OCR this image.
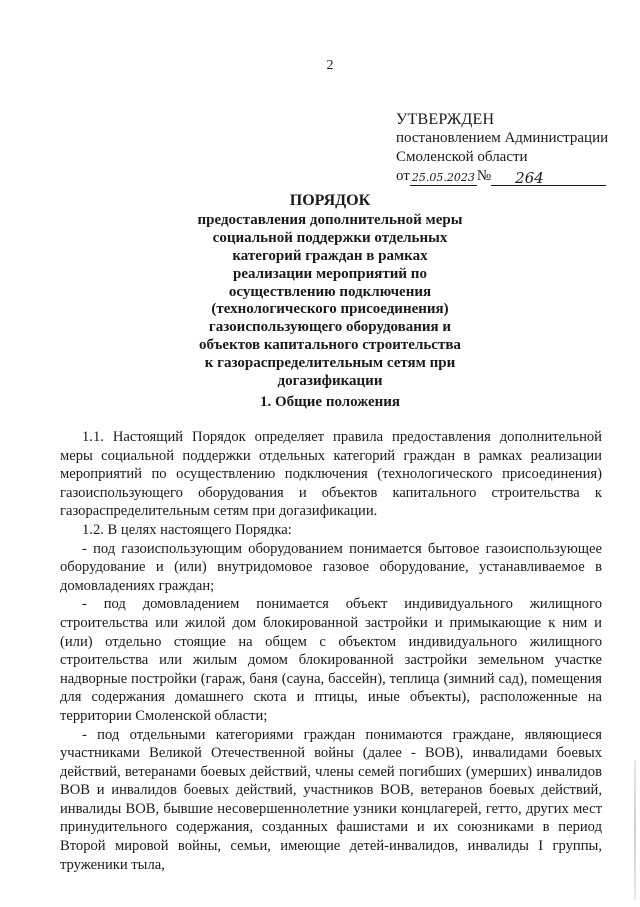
2
УТВЕРЖДЕН
постановлением Администрации
Смоленской области
от 25.05.2023 №	264
ПОРЯДОК
предоставления дополнительной меры социальной поддержки отдельных категорий граждан в рамках реализации мероприятий по осуществлению подключения (технологического присоединения) газоиспользующего оборудования и объектов капитального строительства к газораспределительным сетям при догазификации
1. Общие положения

1.1. Настоящий Порядок определяет правила предоставления дополнительной меры социальной поддержки отдельных категорий граждан в рамках реализации мероприятий по осуществлению подключения (технологического присоединения) газоиспользующего оборудования и объектов капитального строительства к газораспределительным сетям при догазификации.

1.2. В целях настоящего Порядка:

- под газоиспользующим оборудованием понимается бытовое газоиспользующее оборудование и (или) внутридомовое газовое оборудование, устанавливаемое в домовладениях граждан;

- под домовладением понимается объект индивидуального жилищного строительства или жилой дом блокированной застройки и примыкающие к ним и (или) отдельно стоящие на общем с объектом индивидуального жилищного строительства или жилым домом блокированной застройки земельном участке надворные постройки (гараж, баня (сауна, бассейн), теплица (зимний сад), помещения для содержания домашнего скота и птицы, иные объекты), расположенные на территории Смоленской области;

- под отдельными категориями граждан понимаются граждане, являющиеся участниками Великой Отечественной войны (далее - ВОВ), инвалидами боевых действий, ветеранами боевых действий, члены семей погибших (умерших) инвалидов ВОВ и инвалидов боевых действий, участников ВОВ, ветеранов боевых действий, инвалиды ВОВ, бывшие несовершеннолетние узники концлагерей, гетто, других мест принудительного содержания, созданных фашистами и их союзниками в период Второй мировой войны, семьи, имеющие детей-инвалидов, инвалиды I группы, труженики тыла,
